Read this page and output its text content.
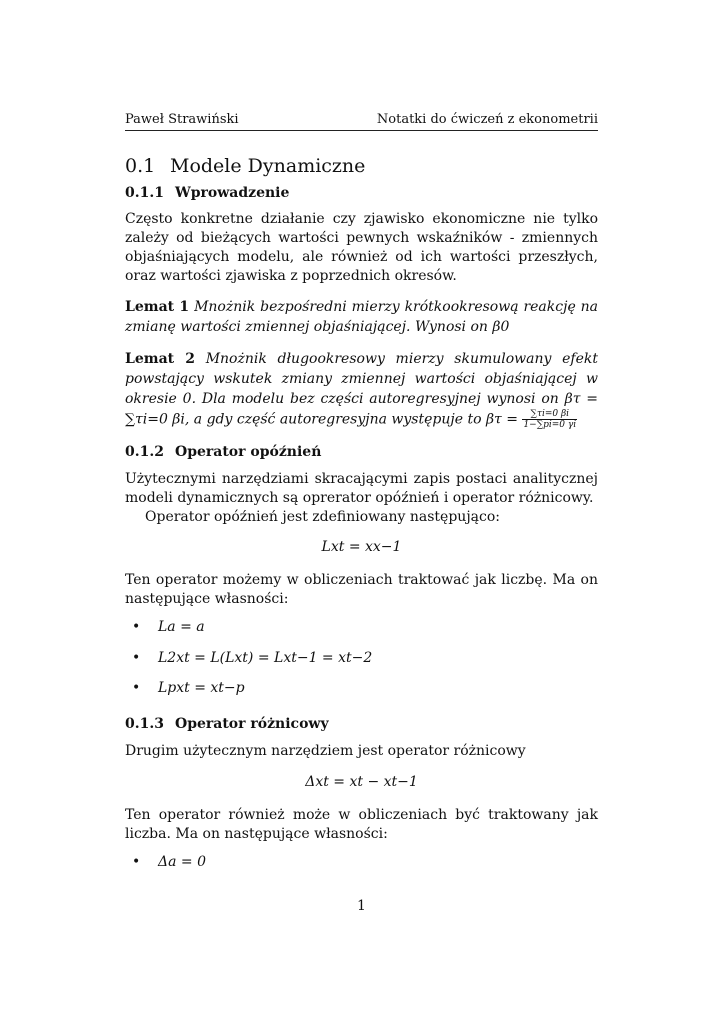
Paweł Strawiński	Notatki do ćwiczeń z ekonometrii
0.1 Modele Dynamiczne
0.1.1 Wprowadzenie
Często konkretne działanie czy zjawisko ekonomiczne nie tylko zależy od bieżących wartości pewnych wskaźników - zmiennych objaśniających modelu, ale również od ich wartości przeszłych, oraz wartości zjawiska z poprzednich okresów.
Lemat 1 Mnożnik bezpośredni mierzy krótkookresową reakcję na zmianę wartości zmiennej objaśniającej. Wynosi on β0
Lemat 2 Mnożnik długookresowy mierzy skumulowany efekt powstający wskutek zmiany zmiennej wartości objaśniającej w okresie 0. Dla modelu bez części autoregresyjnej wynosi on βτ = ∑τi=0 βi, a gdy część autoregresyjna występuje to $\beta\tau = \frac{\sum\tau i=0 \beta i}{1-\sum pi=0 \gamma i}$
0.1.2 Operator opóźnień
Użytecznymi narzędziami skracającymi zapis postaci analitycznej modeli dynamicznych są oprerator opóźnień i operator różnicowy.
Operator opóźnień jest zdefiniowany następująco:
Lxt = xx−1
Ten operator możemy w obliczeniach traktować jak liczbę. Ma on następujące własności:
• La = a
• L2xt = L(Lxt) = Lxt−1 = xt−2
• Lpxt = xt−p
0.1.3 Operator różnicowy
Drugim użytecznym narzędziem jest operator różnicowy
Δxt = xt − xt−1
Ten operator również może w obliczeniach być traktowany jak liczba. Ma on następujące własności:
• Δa = 0
1
